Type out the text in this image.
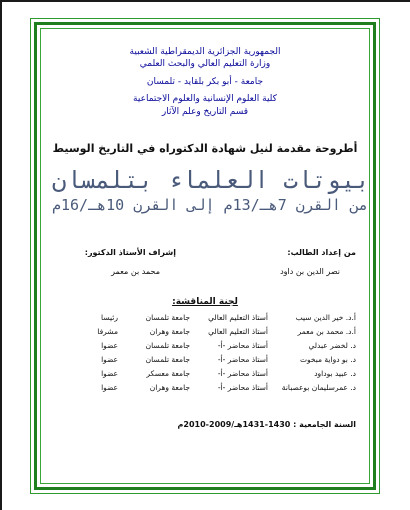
الجمهورية الجزائرية الديمقراطية الشعبية
وزارة التعليم العالي والبحث العلمي
جامعة - أبو بكر بلقايد - تلمسان
كلية العلوم الإنسانية والعلوم الاجتماعية
قسم التاريخ وعلم الآثار
أطروحة مقدمة لنيل شهادة الدكتوراه في التاريخ الوسيط
بيوتات العلماء بتلمسان
من القرن 7هـ/13م إلى القرن 10هـ/16م
من إعداد الطالب:
نصر الدين بن داود
إشراف الأستاذ الدكتور:
محمد بن معمر
لجنة المناقشة:
أ.د. خير الدين سيب
أستاذ التعليم العالي
جامعة تلمسان
رئيسا
أ.د. محمد بن معمر
أستاذ التعليم العالي
جامعة وهران
مشرفا
د. لخضر عبدلي
أستاذ محاضر -أ-
جامعة تلمسان
عضوا
د. بو دواية مبخوت
أستاذ محاضر -أ-
جامعة تلمسان
عضوا
د. عبيد بوداود
أستاذ محاضر -أ-
جامعة معسكر
عضوا
د. عمرسليمان بوعصبانة
أستاذ محاضر -أ-
جامعة وهران
عضوا
السنة الجامعية : 1430-1431هـ/2009-2010م
